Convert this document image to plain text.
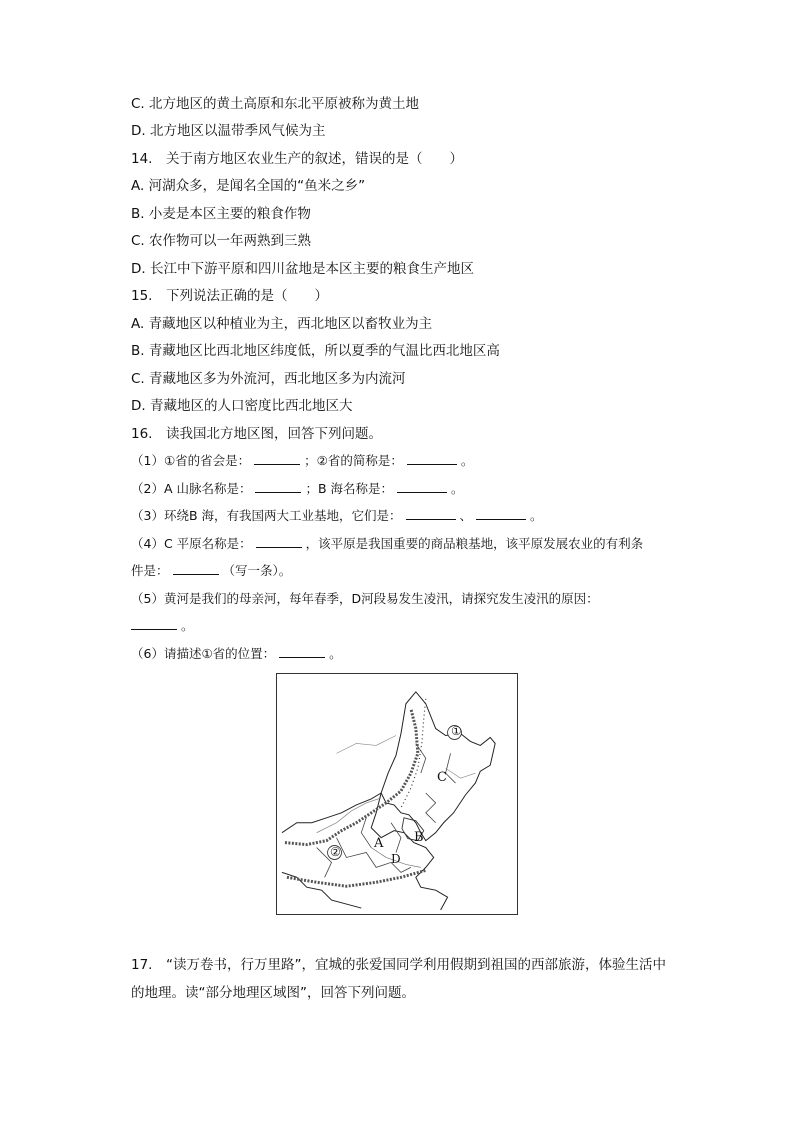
C. 北方地区的黄土高原和东北平原被称为黄土地
D. 北方地区以温带季风气候为主
14.　关于南方地区农业生产的叙述，错误的是（　　）
A. 河湖众多，是闻名全国的“鱼米之乡”
B. 小麦是本区主要的粮食作物
C. 农作物可以一年两熟到三熟
D. 长江中下游平原和四川盆地是本区主要的粮食生产地区
15.　下列说法正确的是（　　）
A. 青藏地区以种植业为主，西北地区以畜牧业为主
B. 青藏地区比西北地区纬度低，所以夏季的气温比西北地区高
C. 青藏地区多为外流河，西北地区多为内流河
D. 青藏地区的人口密度比西北地区大
16.　读我国北方地区图，回答下列问题。
（1）①省的省会是：	；②省的简称是：	。
（2）A 山脉名称是：	；B 海名称是：	。
（3）环绕B 海，有我国两大工业基地，它们是：	、	。
（4）C 平原名称是：	，该平原是我国重要的商品粮基地，该平原发展农业的有利条
件是：	（写一条）。
（5）黄河是我们的母亲河，每年春季，D河段易发生凌汛，请探究发生凌汛的原因：
。
（6）请描述①省的位置：	。
①
②
A B
C
D
17.　“读万卷书，行万里路”，宜城的张爱国同学利用假期到祖国的西部旅游，体验生活中
的地理。读“部分地理区域图”，回答下列问题。
